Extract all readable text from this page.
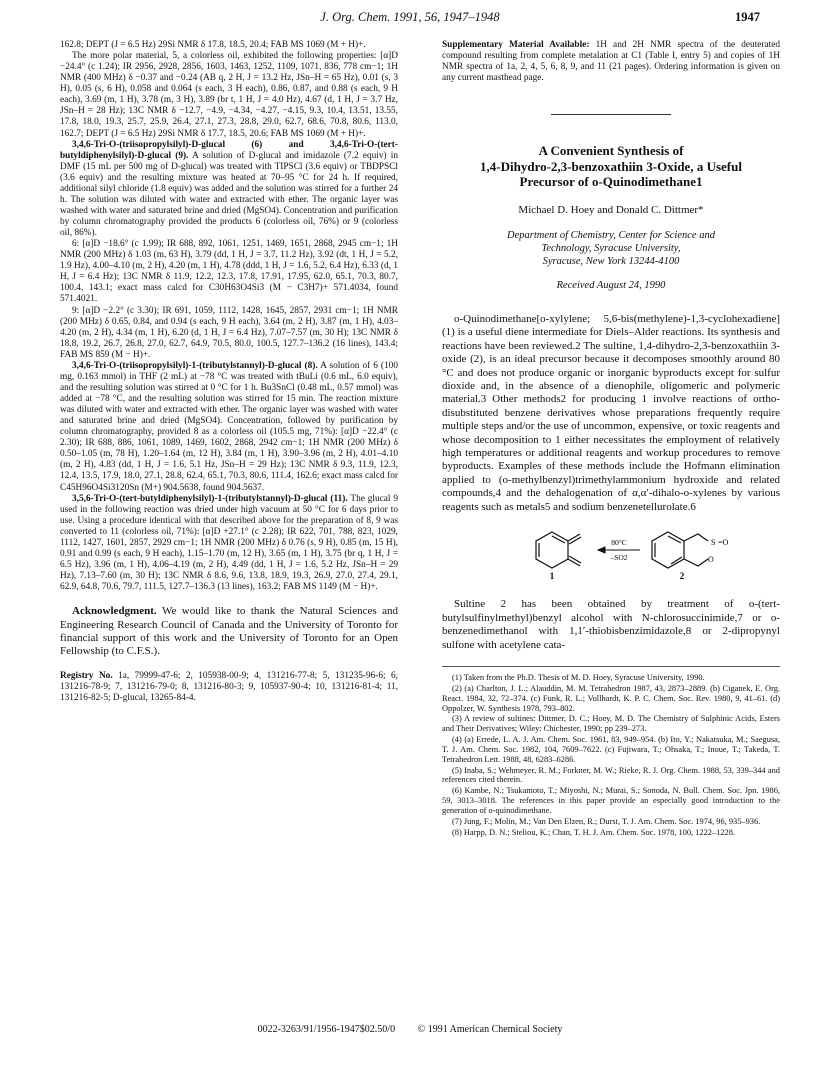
J. Org. Chem. 1991, 56, 1947–1948	1947

162.8; DEPT (J = 6.5 Hz) 29Si NMR δ 17.8, 18.5, 20.4; FAB MS 1069 (M + H)+.

The more polar material, 5, a colorless oil, exhibited the following properties: [α]D −24.4° (c 1.24); IR 2956, 2928, 2856, 1603, 1463, 1252, 1109, 1071, 836, 778 cm−1; 1H NMR (400 MHz) δ −0.37 and −0.24 (AB q, 2 H, J = 13.2 Hz, JSn–H = 65 Hz), 0.01 (s, 3 H), 0.05 (s, 6 H), 0.058 and 0.064 (s each, 3 H each), 0.86, 0.87, and 0.88 (s each, 9 H each), 3.69 (m, 1 H), 3.78 (m, 3 H), 3.89 (br t, 1 H, J = 4.0 Hz), 4.67 (d, 1 H, J = 3.7 Hz, JSn–H = 28 Hz); 13C NMR δ −12.7, −4.9, −4.34, −4.27, −4.15, 9.3, 10.4, 13.51, 13.55, 17.8, 18.0, 19.3, 25.7, 25.9, 26.4, 27.1, 27.3, 28.8, 29.0, 62.7, 68.6, 70.8, 80.6, 113.0, 162.7; DEPT (J = 6.5 Hz) 29Si NMR δ 17.7, 18.5, 20.6; FAB MS 1069 (M + H)+.

3,4,6-Tri-O-(triisopropylsilyl)-D-glucal (6) and 3,4,6-Tri-O-(tert-butyldiphenylsilyl)-D-glucal (9). A solution of D-glucal and imidazole (7.2 equiv) in DMF (15 mL per 500 mg of D-glucal) was treated with TIPSCl (3.6 equiv) or TBDPSCl (3.6 equiv) and the resulting mixture was heated at 70–95 °C for 24 h. If required, additional silyl chloride (1.8 equiv) was added and the solution was stirred for a further 24 h. The solution was diluted with water and extracted with ether. The organic layer was washed with water and saturated brine and dried (MgSO4). Concentration and purification by column chromatography provided the products 6 (colorless oil, 76%) or 9 (colorless oil, 86%).

6: [α]D −18.6° (c 1.99); IR 688, 892, 1061, 1251, 1469, 1651, 2868, 2945 cm−1; 1H NMR (200 MHz) δ 1.03 (m, 63 H), 3.79 (dd, 1 H, J = 3.7, 11.2 Hz), 3.92 (dt, 1 H, J = 5.2, 1.9 Hz), 4.00–4.10 (m, 2 H), 4.20 (m, 1 H), 4.78 (ddd, 1 H, J = 1.6, 5.2, 6.4 Hz), 6.33 (d, 1 H, J = 6.4 Hz); 13C NMR δ 11.9, 12.2, 12.3, 17.8, 17.91, 17.95, 62.0, 65.1, 70.3, 80.7, 100.4, 143.1; exact mass calcd for C30H63O4Si3 (M − C3H7)+ 571.4034, found 571.4021.

9: [α]D −2.2° (c 3.30); IR 691, 1059, 1112, 1428, 1645, 2857, 2931 cm−1; 1H NMR (200 MHz) δ 0.65, 0.84, and 0.94 (s each, 9 H each), 3.64 (m, 2 H), 3.87 (m, 1 H), 4.03–4.20 (m, 2 H), 4.34 (m, 1 H), 6.20 (d, 1 H, J = 6.4 Hz), 7.07–7.57 (m, 30 H); 13C NMR δ 18.8, 19.2, 26.7, 26.8, 27.0, 62.7, 64.9, 70.5, 80.0, 100.5, 127.7–136.2 (16 lines), 143.4; FAB MS 859 (M − H)+.

3,4,6-Tri-O-(triisopropylsilyl)-1-(tributylstannyl)-D-glucal (8). A solution of 6 (100 mg, 0.163 mmol) in THF (2 mL) at −78 °C was treated with tBuLi (0.6 mL, 6.0 equiv), and the resulting solution was stirred at 0 °C for 1 h. Bu3SnCl (0.48 mL, 0.57 mmol) was added at −78 °C, and the resulting solution was stirred for 15 min. The reaction mixture was diluted with water and extracted with ether. The organic layer was washed with water and saturated brine and dried (MgSO4). Concentration, followed by purification by column chromatography, provided 8 as a colorless oil (105.5 mg, 71%): [α]D −22.4° (c 2.30); IR 688, 886, 1061, 1089, 1469, 1602, 2868, 2942 cm−1; 1H NMR (200 MHz) δ 0.50–1.05 (m, 78 H), 1.20–1.64 (m, 12 H), 3.84 (m, 1 H), 3.90–3.96 (m, 2 H), 4.01–4.10 (m, 2 H), 4.83 (dd, 1 H, J = 1.6, 5.1 Hz, JSn–H = 29 Hz); 13C NMR δ 9.3, 11.9, 12.3, 12.4, 13.5, 17.9, 18.0, 27.1, 28.8, 62.4, 65.1, 70.3, 80.6, 111.4, 162.6; exact mass calcd for C45H96O4Si3120Sn (M+) 904.5638, found 904.5637.

3,5,6-Tri-O-(tert-butyldiphenylsilyl)-1-(tributylstannyl)-D-glucal (11). The glucal 9 used in the following reaction was dried under high vacuum at 50 °C for 6 days prior to use. Using a procedure identical with that described above for the preparation of 8, 9 was converted to 11 (colorless oil, 71%): [α]D +27.1° (c 2.28); IR 622, 701, 788, 823, 1029, 1112, 1427, 1601, 2857, 2929 cm−1; 1H NMR (200 MHz) δ 0.76 (s, 9 H), 0.85 (m, 15 H), 0.91 and 0.99 (s each, 9 H each), 1.15–1.70 (m, 12 H), 3.65 (m, 1 H), 3.75 (br q, 1 H, J = 6.5 Hz), 3.96 (m, 1 H), 4.06–4.19 (m, 2 H), 4.49 (dd, 1 H, J = 1.6, 5.2 Hz, JSn–H = 29 Hz), 7.13–7.60 (m, 30 H); 13C NMR δ 8.6, 9.6, 13.8, 18.9, 19.3, 26.9, 27.0, 27.4, 29.1, 62.9, 64.8, 70.6, 79.7, 111.5, 127.7–136.3 (13 lines), 163.2; FAB MS 1149 (M − H)+.

Acknowledgment. We would like to thank the Natural Sciences and Engineering Research Council of Canada and the University of Toronto for financial support of this work and the University of Toronto for an Open Fellowship (to C.F.S.).

Registry No. 1a, 79999-47-6; 2, 105938-00-9; 4, 131216-77-8; 5, 131235-96-6; 6, 131216-78-9; 7, 131216-79-0; 8, 131216-80-3; 9, 105937-90-4; 10, 131216-81-4; 11, 131216-82-5; D-glucal, 13265-84-4.

Supplementary Material Available: 1H and 2H NMR spectra of the deuterated compound resulting from complete metalation at C1 (Table I, entry 5) and copies of 1H NMR spectra of 1a, 2, 4, 5, 6, 8, 9, and 11 (21 pages). Ordering information is given on any current masthead page.

A Convenient Synthesis of
1,4-Dihydro-2,3-benzoxathiin 3-Oxide, a Useful
Precursor of o-Quinodimethane1
Michael D. Hoey and Donald C. Dittmer*
Department of Chemistry, Center for Science and
Technology, Syracuse University,
Syracuse, New York 13244-4100
Received August 24, 1990

o-Quinodimethane[o-xylylene; 5,6-bis(methylene)-1,3-cyclohexadiene] (1) is a useful diene intermediate for Diels–Alder reactions. Its synthesis and reactions have been reviewed.2 The sultine, 1,4-dihydro-2,3-benzoxathiin 3-oxide (2), is an ideal precursor because it decomposes smoothly around 80 °C and does not produce organic or inorganic byproducts except for sulfur dioxide and, in the absence of a dienophile, oligomeric and polymeric material.3 Other methods2 for producing 1 involve reactions of ortho-disubstituted benzene derivatives whose preparations frequently require multiple steps and/or the use of uncommon, expensive, or toxic reagents and whose decomposition to 1 either necessitates the employment of relatively high temperatures or additional reagents and workup procedures to remove byproducts. Examples of these methods include the Hofmann elimination applied to (o-methylbenzyl)trimethylammonium hydroxide and related compounds,4 and the dehalogenation of α,α′-dihalo-o-xylenes by various reagents such as metals5 and sodium benzenetellurolate.6

1
80°C
–SO2
S =O
O
2

Sultine 2 has been obtained by treatment of o-(tert-butylsulfinylmethyl)benzyl alcohol with N-chlorosuccinimide,7 or o-benzenedimethanol with 1,1′-thiobisbenzimidazole,8 or 2-dipropynyl sulfone with acetylene cata-

(1) Taken from the Ph.D. Thesis of M. D. Hoey, Syracuse University, 1990.

(2) (a) Charlton, J. L.; Alauddin, M. M. Tetrahedron 1987, 43, 2873–2889. (b) Ciganek, E. Org. React. 1984, 32, 72–374. (c) Funk, R. L.; Vollhardt, K. P. C. Chem. Soc. Rev. 1980, 9, 41–61. (d) Oppolzer, W. Synthesis 1978, 793–802.

(3) A review of sultines: Dittmer, D. C.; Hoey, M. D. The Chemistry of Sulphinic Acids, Esters and Their Derivatives; Wiley: Chichester, 1990; pp 239–273.

(4) (a) Errede, L. A. J. Am. Chem. Soc. 1961, 83, 949–954. (b) Ito, Y.; Nakatsuka, M.; Saegusa, T. J. Am. Chem. Soc. 1982, 104, 7609–7622. (c) Fujiwara, T.; Ohsaka, T.; Inoue, T.; Takeda, T. Tetrahedron Lett. 1988, 48, 6283–6286.

(5) Inaba, S.; Wehmeyer, R. M.; Forkner, M. W.; Rieke, R. J. Org. Chem. 1988, 53, 339–344 and references cited therein.

(6) Kambe, N.; Tsukamoto, T.; Miyoshi, N.; Murai, S.; Sonoda, N. Bull. Chem. Soc. Jpn. 1986, 59, 3013–3018. The references in this paper provide an especially good introduction to the generation of o-quinodimethane.

(7) Jung, F.; Molin, M.; Van Den Elzen, R.; Durst, T. J. Am. Chem. Soc. 1974, 96, 935–936.

(8) Harpp, D. N.; Steliou, K.; Chan, T. H. J. Am. Chem. Soc. 1978, 100, 1222–1228.

0022-3263/91/1956-1947$02.50/0 © 1991 American Chemical Society
